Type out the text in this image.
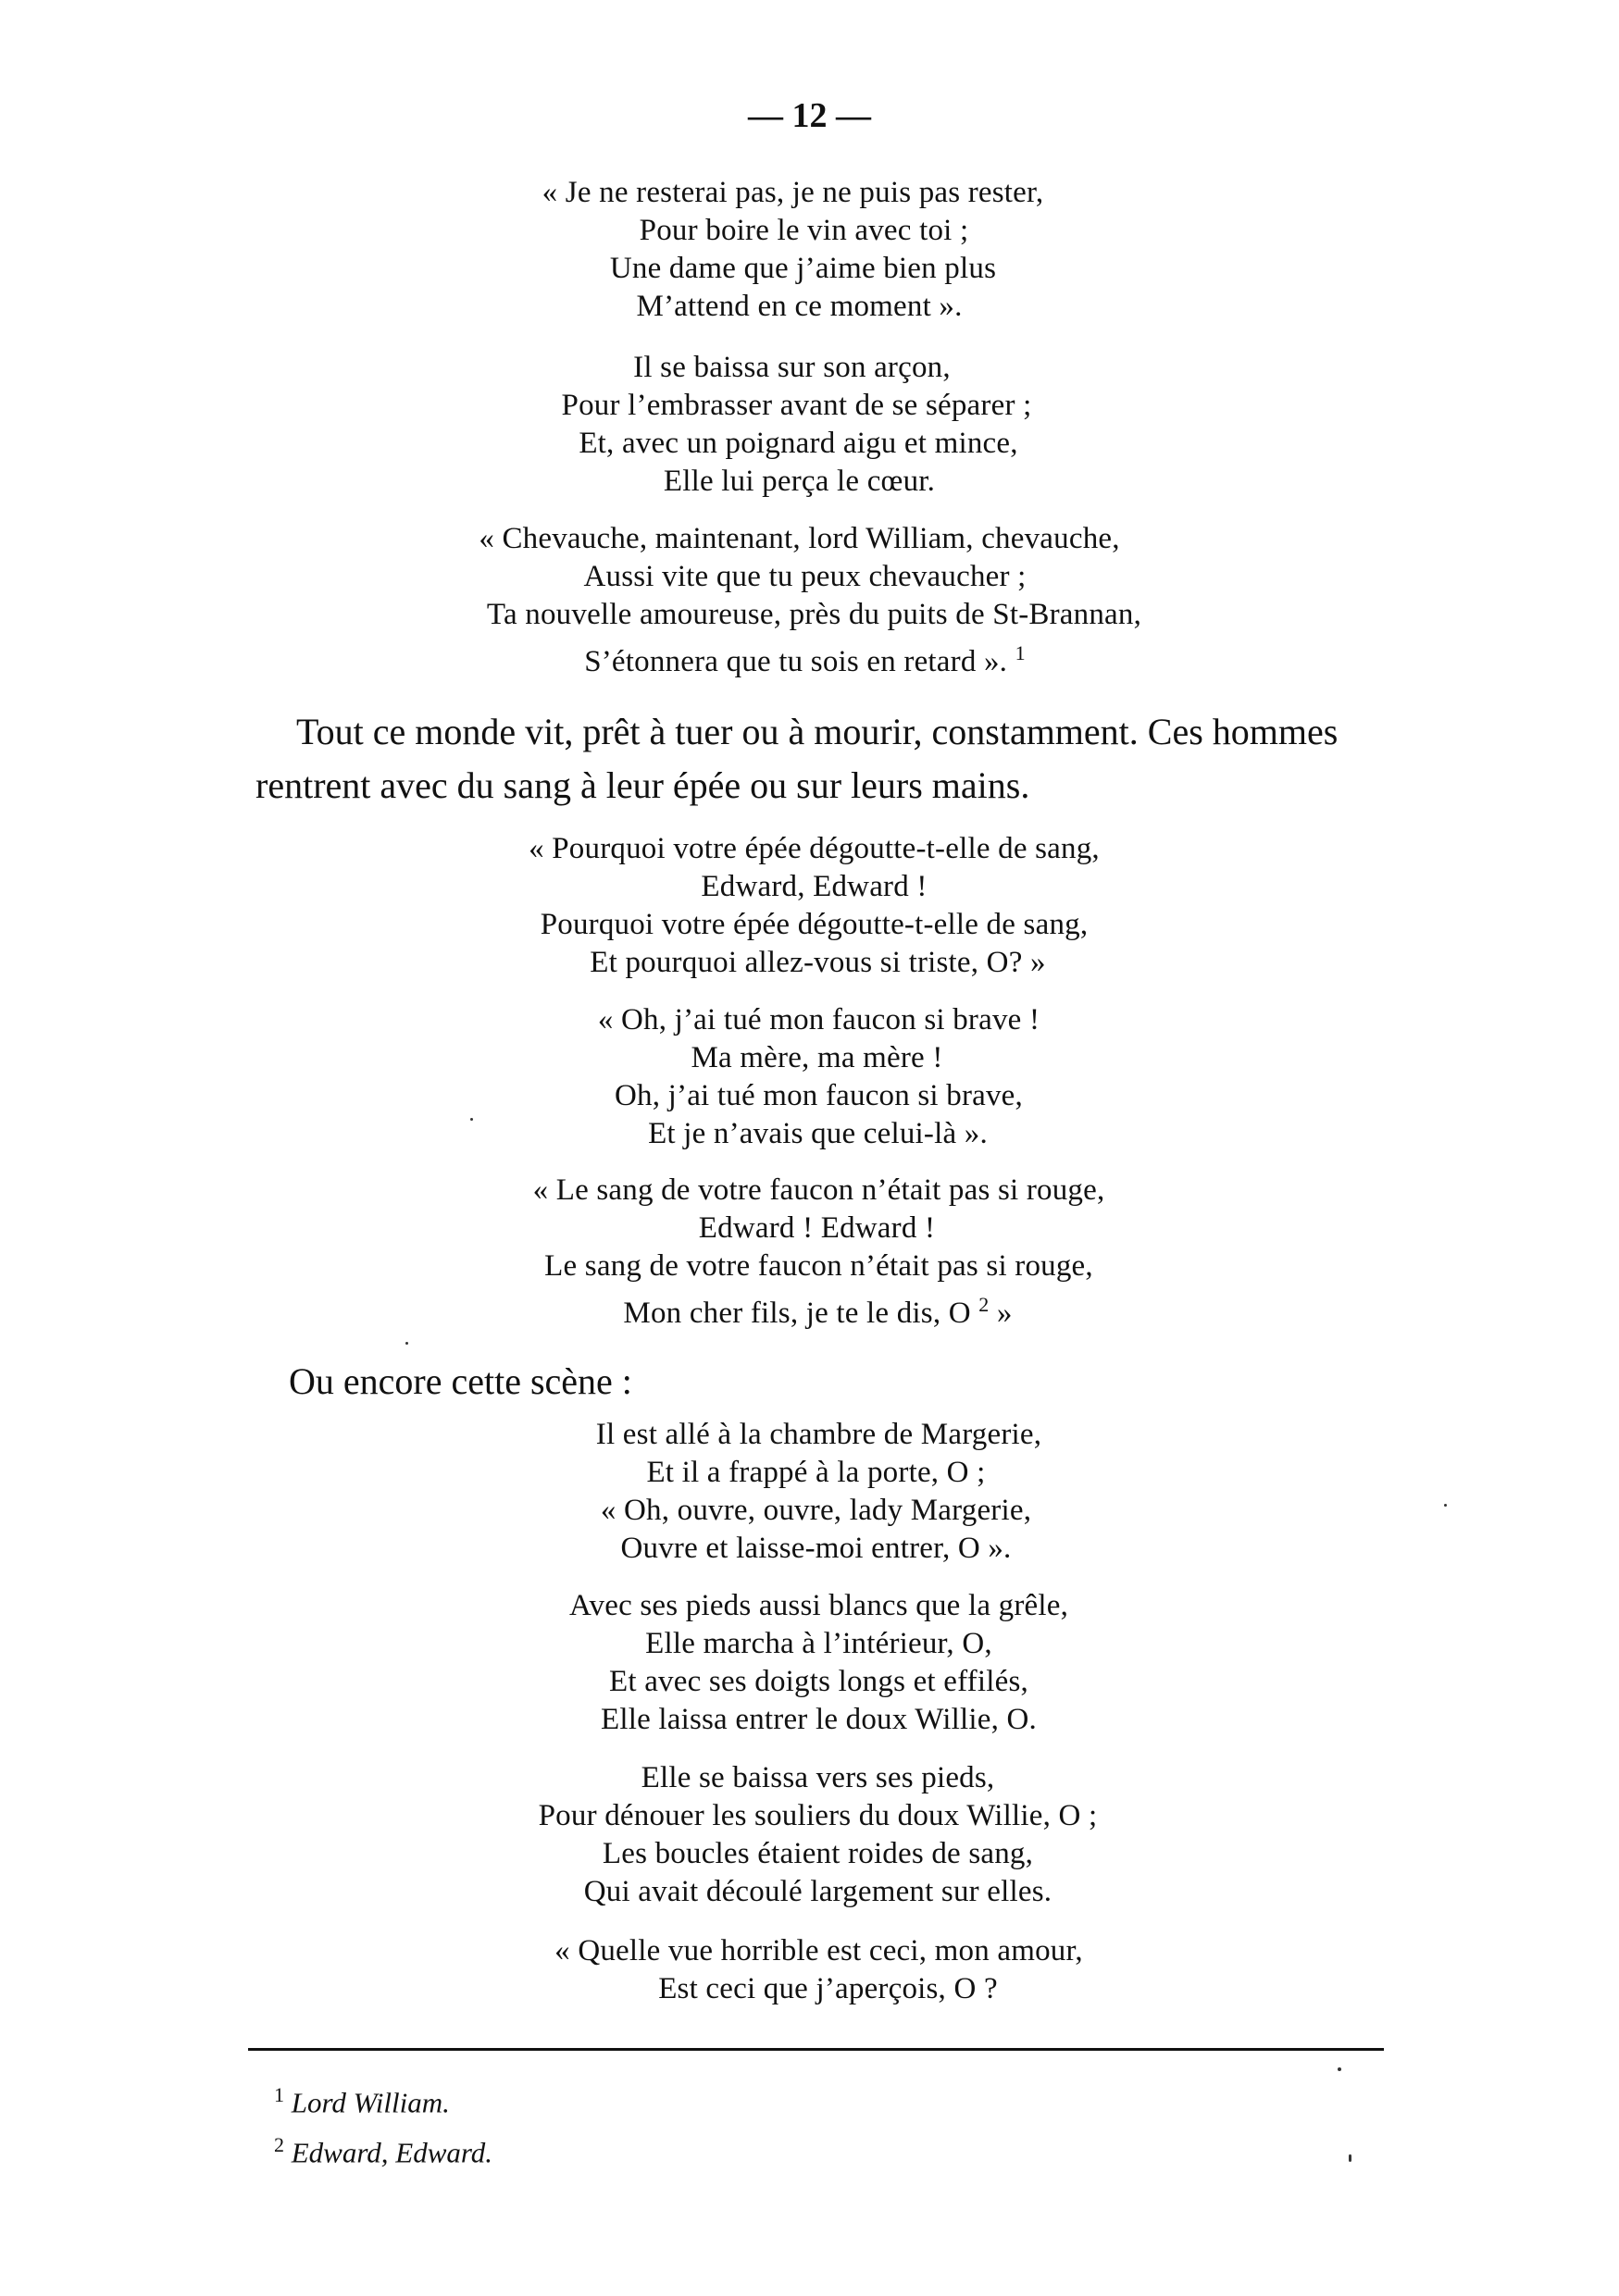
— 12 —
« Je ne resterai pas, je ne puis pas rester,
Pour boire le vin avec toi ;
Une dame que j’aime bien plus
M’attend en ce moment ».
Il se baissa sur son arçon,
Pour l’embrasser avant de se séparer ;
Et, avec un poignard aigu et mince,
Elle lui perça le cœur.
« Chevauche, maintenant, lord William, chevauche,
Aussi vite que tu peux chevaucher ;
Ta nouvelle amoureuse, près du puits de St-Brannan,
S’étonnera que tu sois en retard ». $^1$
Tout ce monde vit, prêt à tuer ou à mourir, constamment. Ces hommes
rentrent avec du sang à leur épée ou sur leurs mains.
« Pourquoi votre épée dégoutte-t-elle de sang,
Edward, Edward !
Pourquoi votre épée dégoutte-t-elle de sang,
Et pourquoi allez-vous si triste, O? »
« Oh, j’ai tué mon faucon si brave !
Ma mère, ma mère !
Oh, j’ai tué mon faucon si brave,
Et je n’avais que celui-là ».
« Le sang de votre faucon n’était pas si rouge,
Edward ! Edward !
Le sang de votre faucon n’était pas si rouge,
Mon cher fils, je te le dis, O $^2$ »
Ou encore cette scène :
Il est allé à la chambre de Margerie,
Et il a frappé à la porte, O ;
« Oh, ouvre, ouvre, lady Margerie,
Ouvre et laisse-moi entrer, O ».
Avec ses pieds aussi blancs que la grêle,
Elle marcha à l’intérieur, O,
Et avec ses doigts longs et effilés,
Elle laissa entrer le doux Willie, O.
Elle se baissa vers ses pieds,
Pour dénouer les souliers du doux Willie, O ;
Les boucles étaient roides de sang,
Qui avait découlé largement sur elles.
« Quelle vue horrible est ceci, mon amour,
Est ceci que j’aperçois, O ?
$^1$ Lord William.
$^2$ Edward, Edward.
